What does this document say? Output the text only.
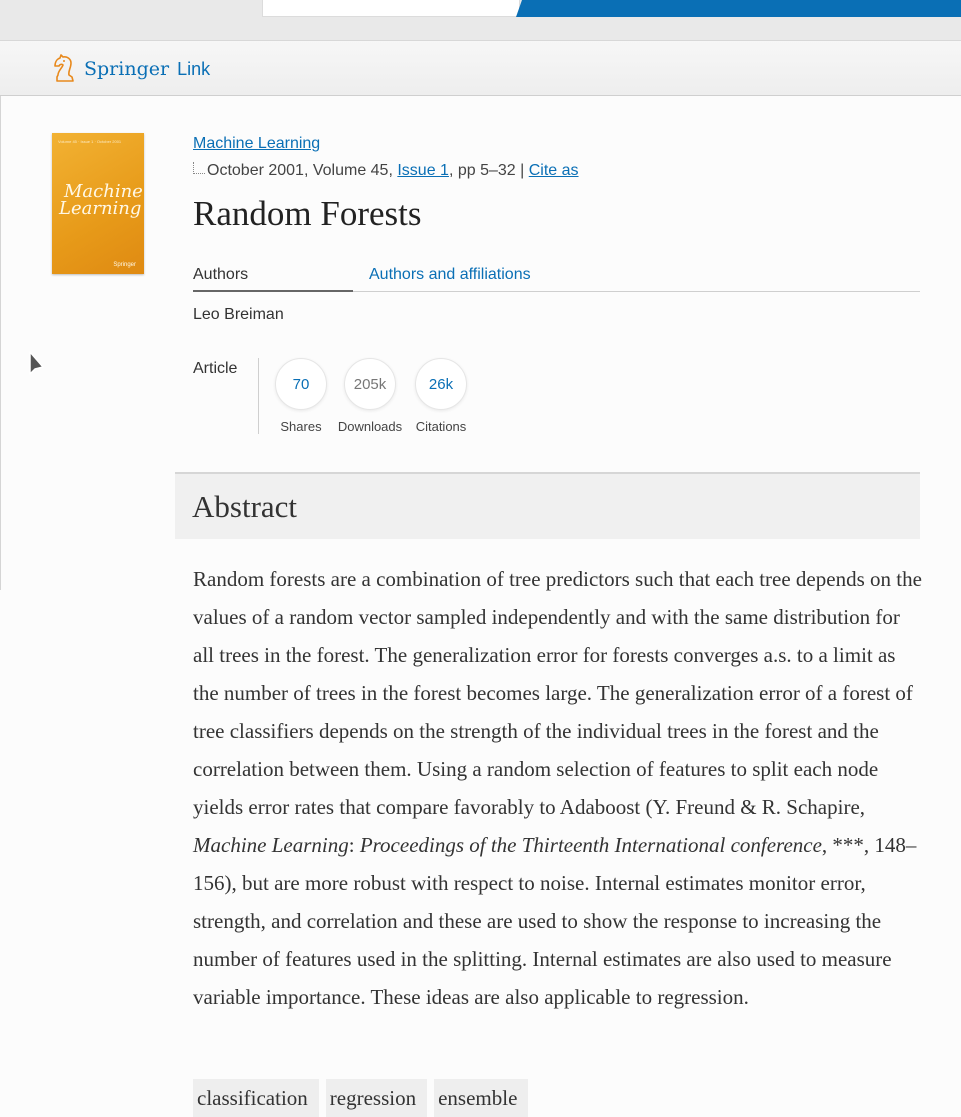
Springer Link
Volume 45 · Issue 1 · October 2001
Machine
Learning
Springer
Machine Learning
October 2001, Volume 45, Issue 1, pp 5–32 | Cite as
Random Forests
Authors	Authors and affiliations
Leo Breiman
Article
70
Shares
205k
Downloads
26k
Citations
Abstract

Random forests are a combination of tree predictors such that each tree depends on the values of a random vector sampled independently and with the same distribution for all trees in the forest. The generalization error for forests converges a.s. to a limit as the number of trees in the forest becomes large. The generalization error of a forest of tree classifiers depends on the strength of the individual trees in the forest and the correlation between them. Using a random selection of features to split each node yields error rates that compare favorably to Adaboost (Y. Freund & R. Schapire, Machine Learning: Proceedings of the Thirteenth International conference, ***, 148–156), but are more robust with respect to noise. Internal estimates monitor error, strength, and correlation and these are used to show the response to increasing the number of features used in the splitting. Internal estimates are also used to measure variable importance. These ideas are also applicable to regression.

classification	regression	ensemble
